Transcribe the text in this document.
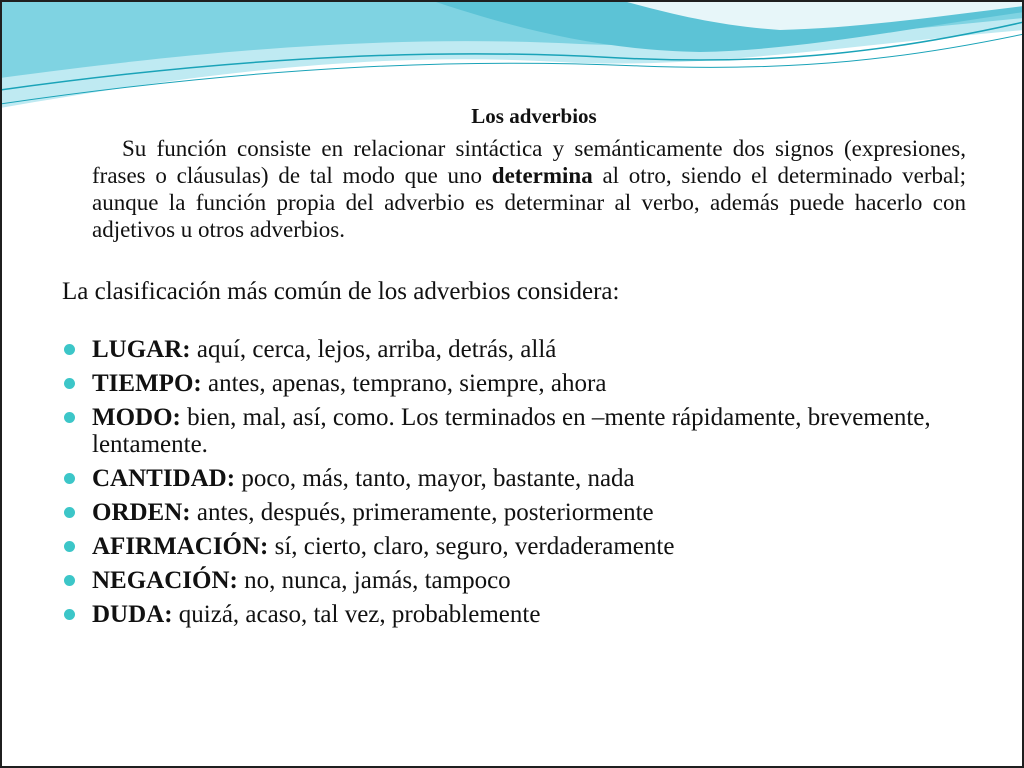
Los adverbios

Su función consiste en relacionar sintáctica y semánticamente dos signos (expresiones, frases o cláusulas) de tal modo que uno determina al otro, siendo el determinado verbal; aunque la función propia del adverbio es determinar al verbo, además puede hacerlo con adjetivos u otros adverbios.

La clasificación más común de los adverbios considera:
LUGAR: aquí, cerca, lejos, arriba, detrás, allá
TIEMPO: antes, apenas, temprano, siempre, ahora
MODO: bien, mal, así, como. Los terminados en –mente rápidamente, brevemente, lentamente.
CANTIDAD: poco, más, tanto, mayor, bastante, nada
ORDEN: antes, después, primeramente, posteriormente
AFIRMACIÓN: sí, cierto, claro, seguro, verdaderamente
NEGACIÓN: no, nunca, jamás, tampoco
DUDA: quizá, acaso, tal vez, probablemente
